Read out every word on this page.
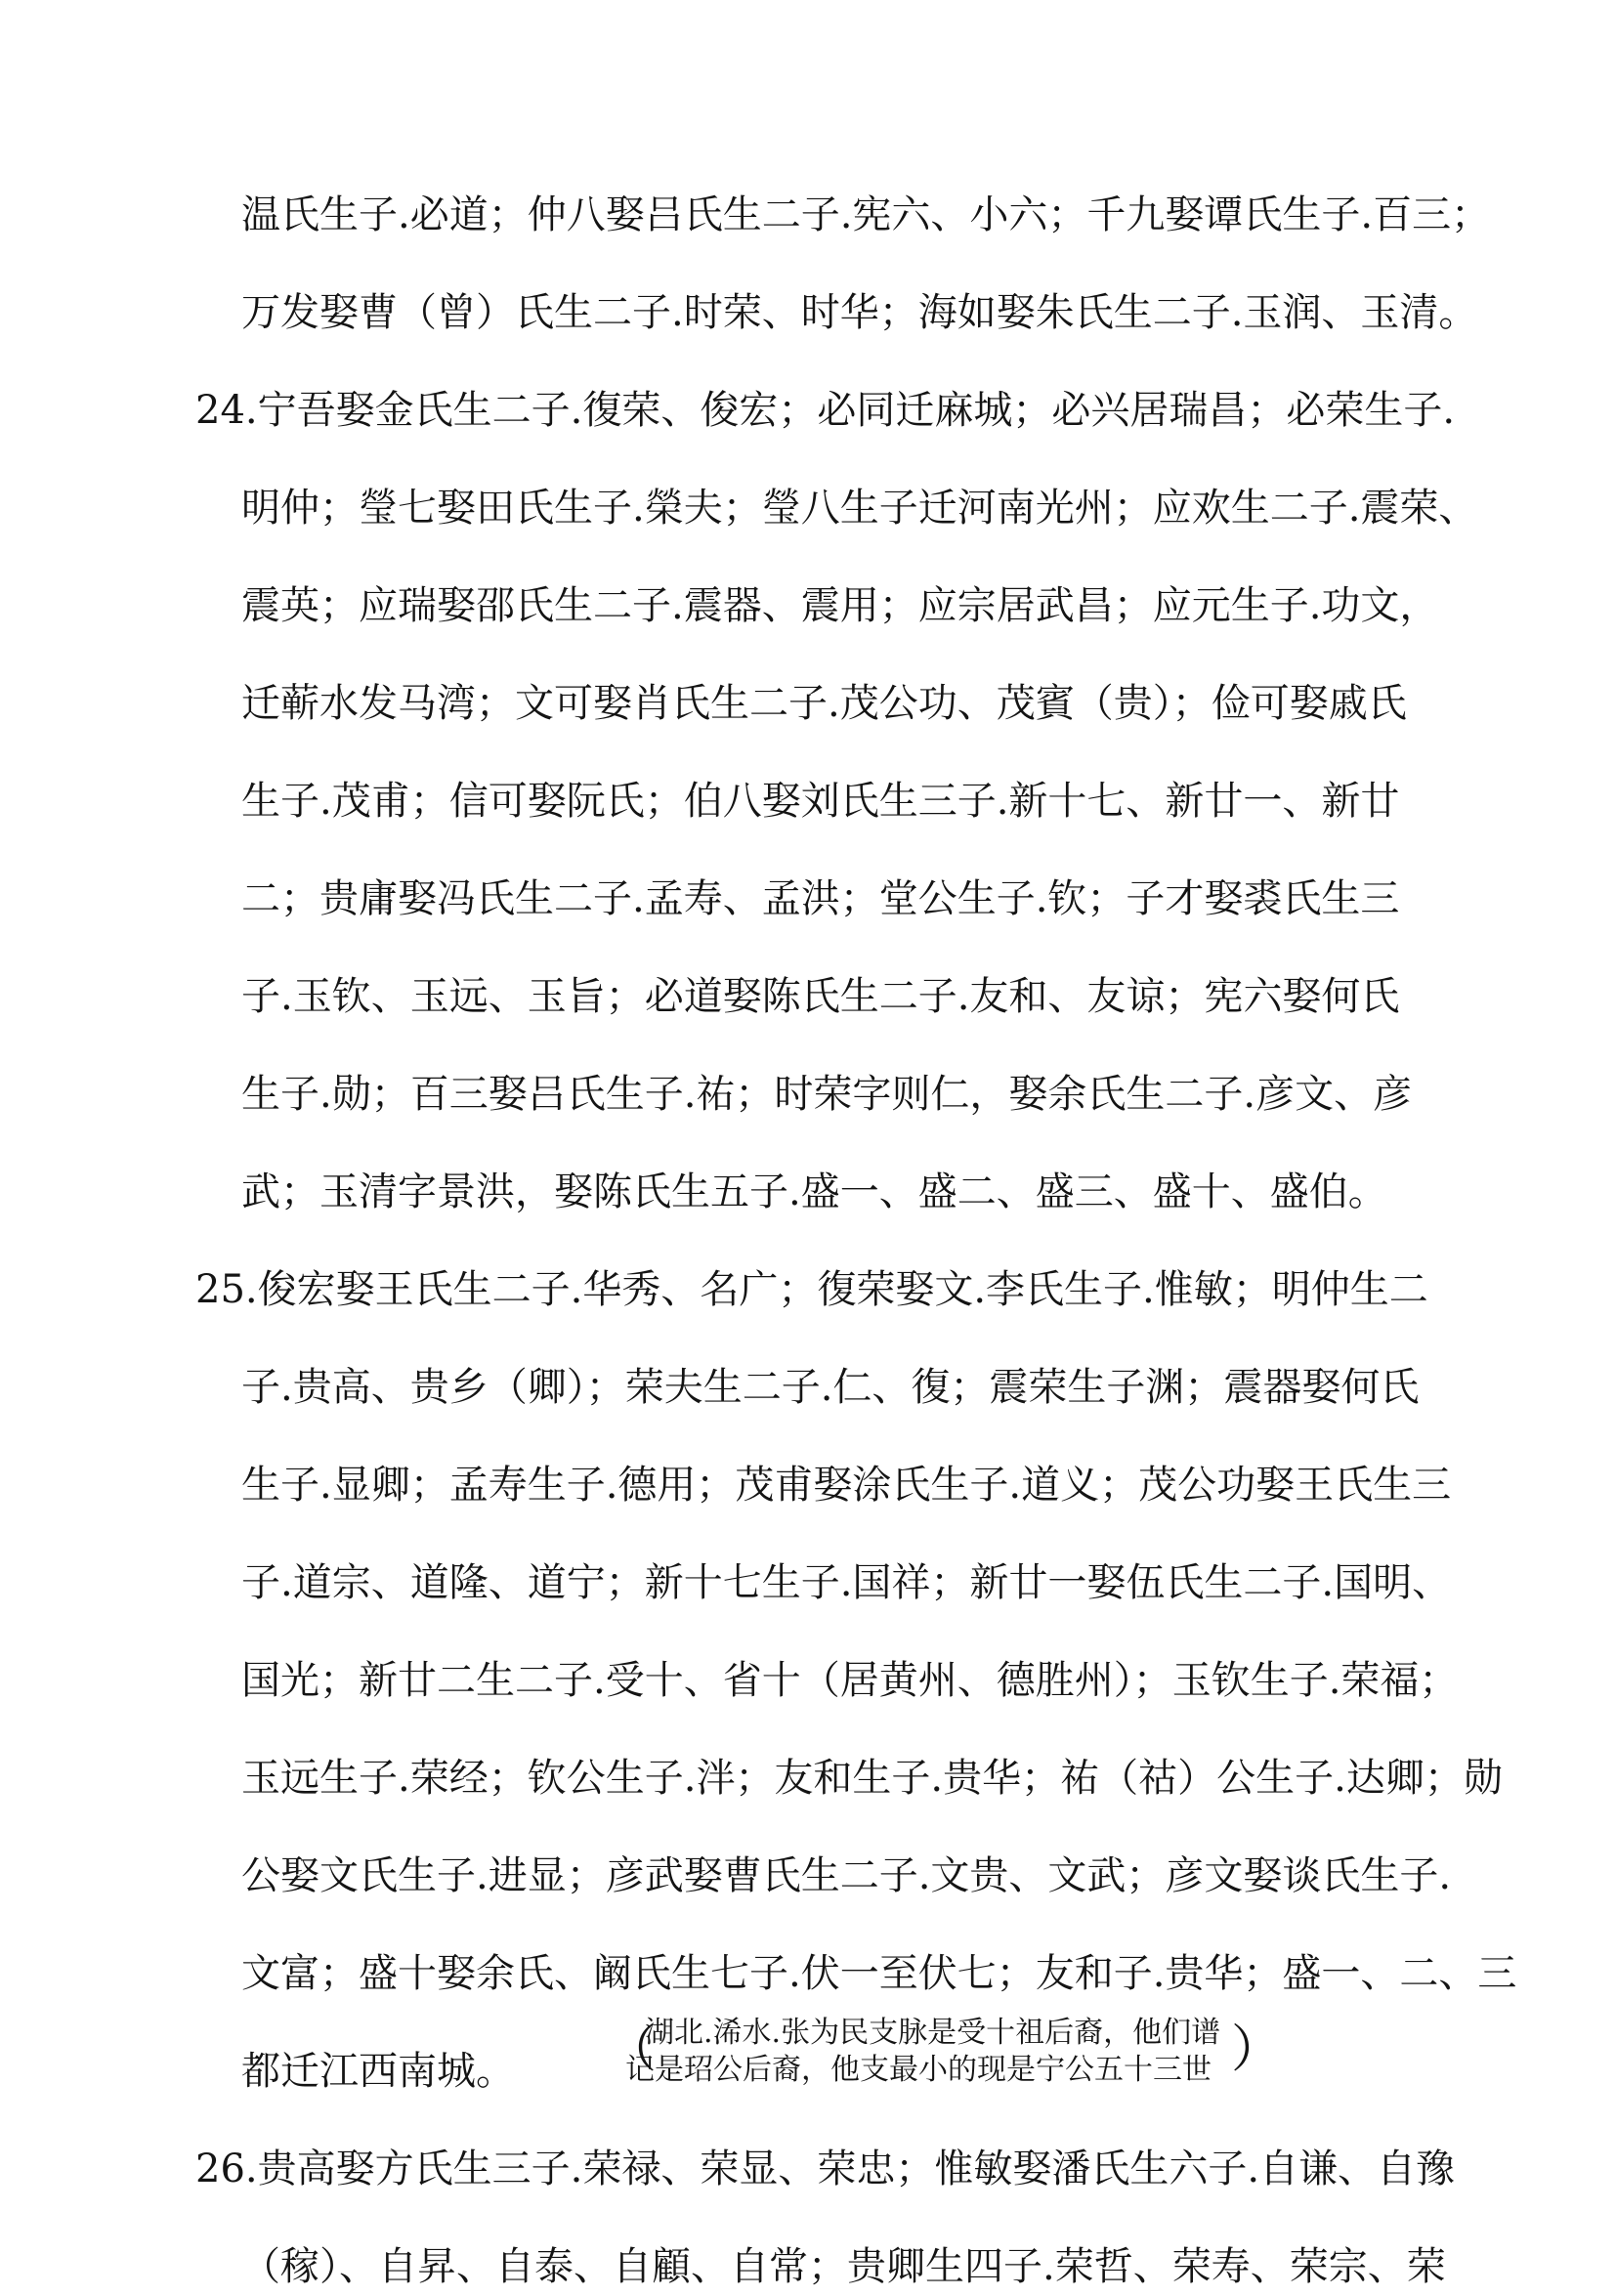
温氏生子.必道；仲八娶吕氏生二子.宪六、小六；千九娶谭氏生子.百三；
万发娶曹（曾）氏生二子.时荣、时华；海如娶朱氏生二子.玉润、玉清。
24.宁吾娶金氏生二子.復荣、俊宏；必同迁麻城；必兴居瑞昌；必荣生子.
明仲；瑩七娶田氏生子.榮夫；瑩八生子迁河南光州；应欢生二子.震荣、
震英；应瑞娶邵氏生二子.震器、震用；应宗居武昌；应元生子.功文，
迁蕲水发马湾；文可娶肖氏生二子.茂公功、茂賓（贵）；俭可娶戚氏
生子.茂甫；信可娶阮氏；伯八娶刘氏生三子.新十七、新廿一、新廿
二；贵庸娶冯氏生二子.孟寿、孟洪；堂公生子.钦；子才娶裘氏生三
子.玉钦、玉远、玉旨；必道娶陈氏生二子.友和、友谅；宪六娶何氏
生子.勋；百三娶吕氏生子.祐；时荣字则仁，娶余氏生二子.彦文、彦
武；玉清字景洪，娶陈氏生五子.盛一、盛二、盛三、盛十、盛伯。
25.俊宏娶王氏生二子.华秀、名广；復荣娶文.李氏生子.惟敏；明仲生二
子.贵高、贵乡（卿）；荣夫生二子.仁、復；震荣生子渊；震器娶何氏
生子.显卿；孟寿生子.德用；茂甫娶涂氏生子.道义；茂公功娶王氏生三
子.道宗、道隆、道宁；新十七生子.国祥；新廿一娶伍氏生二子.国明、
国光；新廿二生二子.受十、省十（居黄州、德胜州）；玉钦生子.荣福；
玉远生子.荣经；钦公生子.泮；友和生子.贵华；祐（祜）公生子.达卿；勋
公娶文氏生子.进显；彦武娶曹氏生二子.文贵、文武；彦文娶谈氏生子.
文富；盛十娶余氏、阚氏生七子.伏一至伏七；友和子.贵华；盛一、二、三
都迁江西南城。 （
湖北.浠水.张为民支脉是受十祖后裔，他们谱
记是玿公后裔，他支最小的现是宁公五十三世 ）
26.贵高娶方氏生三子.荣禄、荣显、荣忠；惟敏娶潘氏生六子.自谦、自豫
（稼）、自昇、自泰、自顧、自常；贵卿生四子.荣哲、荣寿、荣宗、荣
